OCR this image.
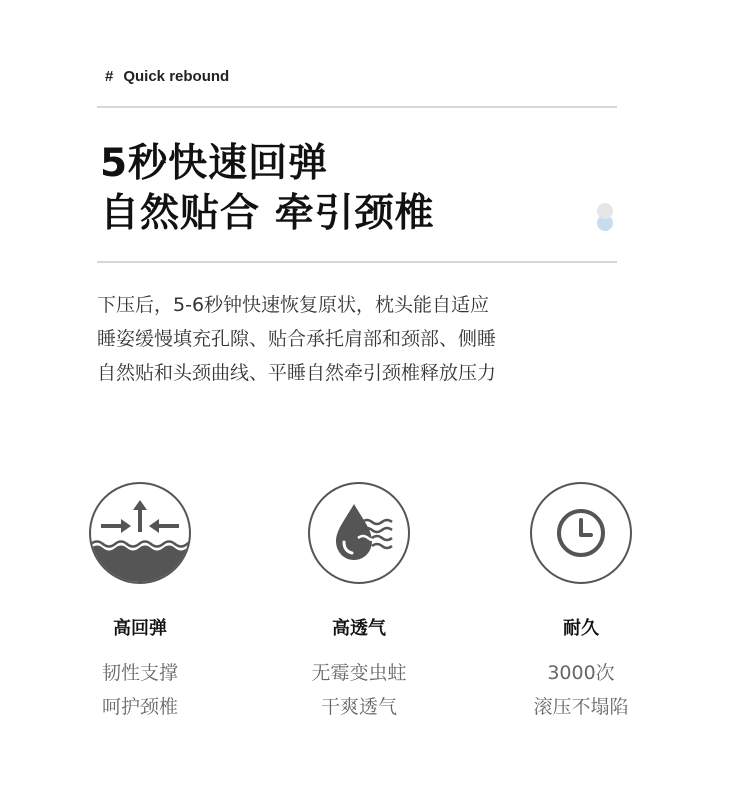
# Quick rebound
5秒快速回弹
自然贴合 牵引颈椎
下压后，5-6秒钟快速恢复原状，枕头能自适应
睡姿缓慢填充孔隙、贴合承托肩部和颈部、侧睡
自然贴和头颈曲线、平睡自然牵引颈椎释放压力
高回弹
韧性支撑
呵护颈椎
高透气
无霉变虫蛀
干爽透气
耐久
3000次
滚压不塌陷
